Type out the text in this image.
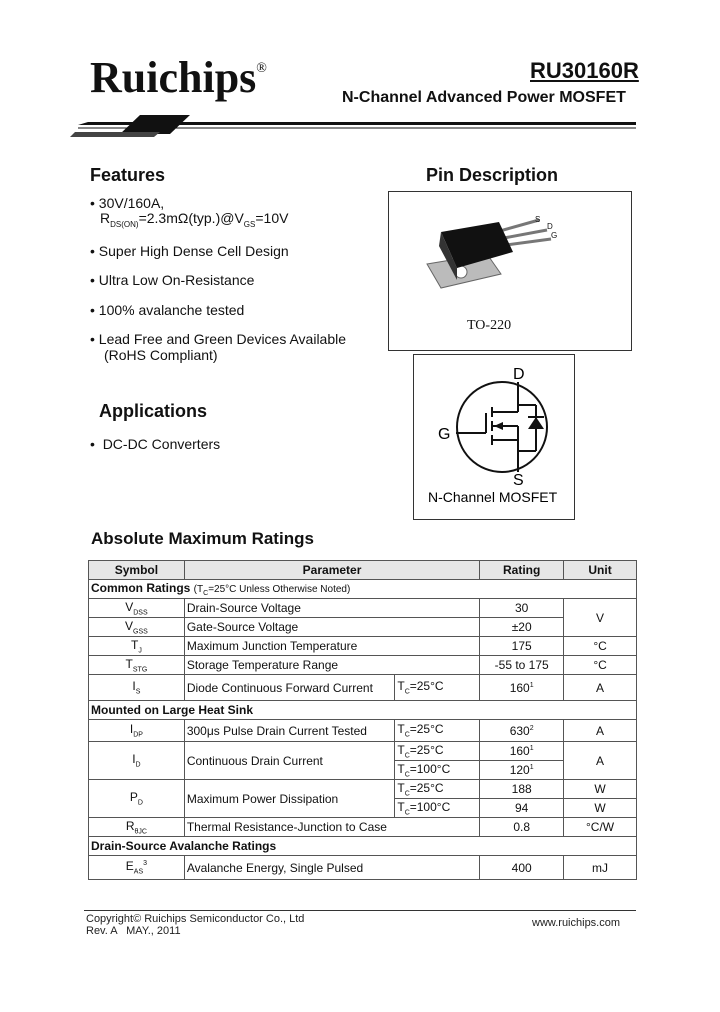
Ruichips®	RU30160R
N-Channel Advanced Power MOSFET
Features
• 30V/160A,
$R_{DS(ON)}=2.3m\Omega(typ.)@V_{GS}=10V$
• Super High Dense Cell Design
• Ultra Low On-Resistance
• 100% avalanche tested
• Lead Free and Green Devices Available
(RoHS Compliant)
Pin Description
S
D
G
TO-220
D
G
S
N-Channel MOSFET
Applications
•  DC-DC Converters
Absolute Maximum Ratings
Symbol	Parameter		Rating	Unit
Common Ratings ($T_C=25^\circ C$ Unless Otherwise Noted)				
$V_{DSS}$	Drain-Source Voltage		30	V
$V_{GSS}$	Gate-Source Voltage		±20	
$T_J$	Maximum Junction Temperature		175	°C
$T_{STG}$	Storage Temperature Range		-55 to 175	°C
$I_S$	Diode Continuous Forward Current	$T_C=25^\circ C$	$160^1$	A
Mounted on Large Heat Sink				
$I_{DP}$	300μs Pulse Drain Current Tested	$T_C=25^\circ C$	$630^2$	A
$I_D$	Continuous Drain Current	$T_C=25^\circ C$	$160^1$	A
		$T_C=100^\circ C$	$120^1$
$P_D$	Maximum Power Dissipation	$T_C=25^\circ C$	188	W
		$T_C=100^\circ C$	94	W
$R_{\theta JC}$	Thermal Resistance-Junction to Case		0.8	°C/W
Drain-Source Avalanche Ratings				
$E_{AS}^3$	Avalanche Energy, Single Pulsed		400	mJ
Copyright© Ruichips Semiconductor Co., Ltd
Rev. A   MAY., 2011
www.ruichips.com
